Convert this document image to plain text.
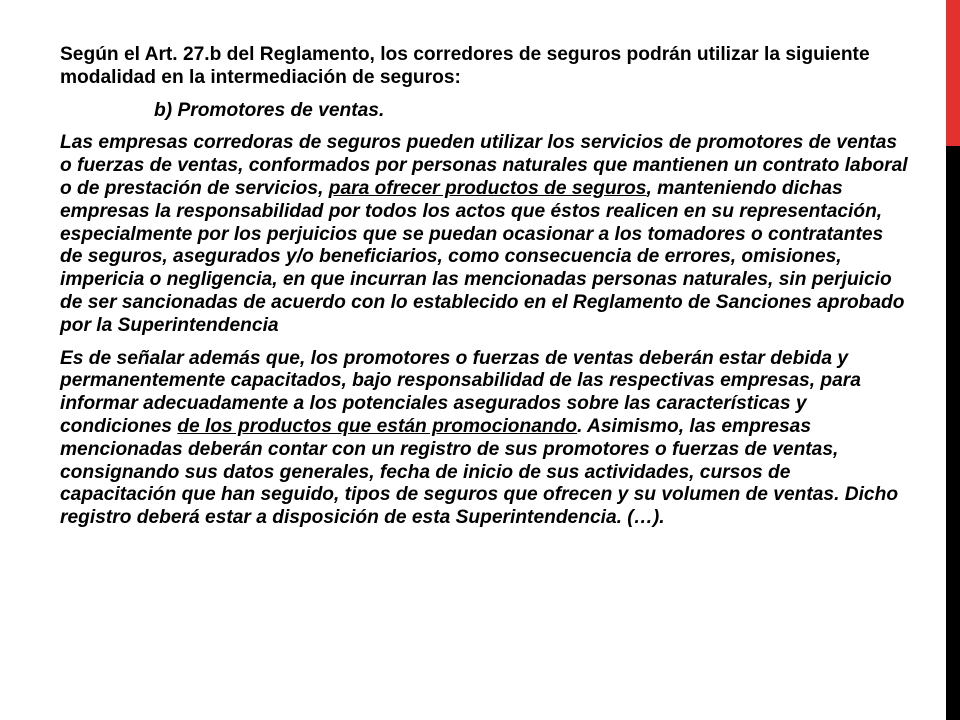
Según el Art. 27.b del Reglamento, los corredores de seguros podrán utilizar la siguiente modalidad en la intermediación de seguros:

b) Promotores de ventas.

Las empresas corredoras de seguros pueden utilizar los servicios de promotores de ventas o fuerzas de ventas, conformados por personas naturales que mantienen un contrato laboral o de prestación de servicios, para ofrecer productos de seguros, manteniendo dichas empresas la responsabilidad por todos los actos que éstos realicen en su representación, especialmente por los perjuicios que se puedan ocasionar a los tomadores o contratantes de seguros, asegurados y/o beneficiarios, como consecuencia de errores, omisiones, impericia o negligencia, en que incurran las mencionadas personas naturales, sin perjuicio de ser sancionadas de acuerdo con lo establecido en el Reglamento de Sanciones aprobado por la Superintendencia

Es de señalar además que, los promotores o fuerzas de ventas deberán estar debida y permanentemente capacitados, bajo responsabilidad de las respectivas empresas, para informar adecuadamente a los potenciales asegurados sobre las características y condiciones de los productos que están promocionando. Asimismo, las empresas mencionadas deberán contar con un registro de sus promotores o fuerzas de ventas, consignando sus datos generales, fecha de inicio de sus actividades, cursos de capacitación que han seguido, tipos de seguros que ofrecen y su volumen de ventas. Dicho registro deberá estar a disposición de esta Superintendencia. (…).
